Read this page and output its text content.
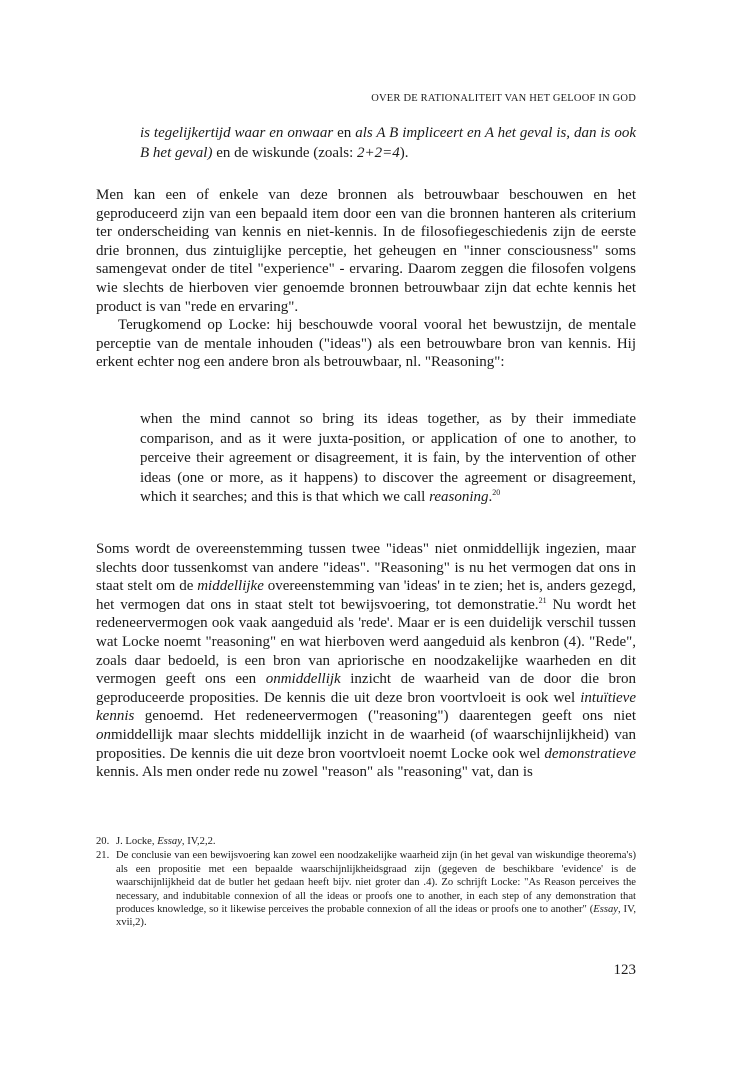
OVER DE RATIONALITEIT VAN HET GELOOF IN GOD
is tegelijkertijd waar en onwaar en als A B impliceert en A het geval is, dan is ook B het geval) en de wiskunde (zoals: 2+2=4).

Men kan een of enkele van deze bronnen als betrouwbaar beschouwen en het geproduceerd zijn van een bepaald item door een van die bronnen hanteren als criterium ter onderscheiding van kennis en niet-kennis. In de filosofiegeschiedenis zijn de eerste drie bronnen, dus zintuiglijke perceptie, het geheugen en "inner consciousness" soms samengevat onder de titel "experience" - ervaring. Daarom zeggen die filosofen volgens wie slechts de hierboven vier genoemde bronnen betrouwbaar zijn dat echte kennis het product is van "rede en ervaring".

Terugkomend op Locke: hij beschouwde vooral vooral het bewustzijn, de mentale perceptie van de mentale inhouden ("ideas") als een betrouwbare bron van kennis. Hij erkent echter nog een andere bron als betrouwbaar, nl. "Reasoning":

when the mind cannot so bring its ideas together, as by their immediate comparison, and as it were juxta-position, or application of one to another, to perceive their agreement or disagreement, it is fain, by the intervention of other ideas (one or more, as it happens) to discover the agreement or disagreement, which it searches; and this is that which we call reasoning.$^{20}$
Soms wordt de overeenstemming tussen twee "ideas" niet onmiddellijk ingezien, maar slechts door tussenkomst van andere "ideas". "Reasoning" is nu het vermogen dat ons in staat stelt om de middellijke overeenstemming van 'ideas' in te zien; het is, anders gezegd, het vermogen dat ons in staat stelt tot bewijsvoering, tot demonstratie.$^{21}$ Nu wordt het redeneervermogen ook vaak aangeduid als 'rede'. Maar er is een duidelijk verschil tussen wat Locke noemt "reasoning" en wat hierboven werd aangeduid als kenbron (4). "Rede", zoals daar bedoeld, is een bron van apriorische en noodzakelijke waarheden en dit vermogen geeft ons een onmiddellijk inzicht de waarheid van de door die bron geproduceerde proposities. De kennis die uit deze bron voortvloeit is ook wel intuïtieve kennis genoemd. Het redeneervermogen ("reasoning") daarentegen geeft ons niet onmiddellijk maar slechts middellijk inzicht in de waarheid (of waarschijnlijkheid) van proposities. De kennis die uit deze bron voortvloeit noemt Locke ook wel demonstratieve kennis. Als men onder rede nu zowel "reason" als "reasoning" vat, dan is
20. J. Locke, Essay, IV,2,2.
21. De conclusie van een bewijsvoering kan zowel een noodzakelijke waarheid zijn (in het geval van wiskundige theorema's) als een propositie met een bepaalde waarschijnlijkheidsgraad zijn (gegeven de beschikbare 'evidence' is de waarschijnlijkheid dat de butler het gedaan heeft bijv. niet groter dan .4). Zo schrijft Locke: "As Reason perceives the necessary, and indubitable connexion of all the ideas or proofs one to another, in each step of any demonstration that produces knowledge, so it likewise perceives the probable connexion of all the ideas or proofs one to another" (Essay, IV, xvii,2).
123
